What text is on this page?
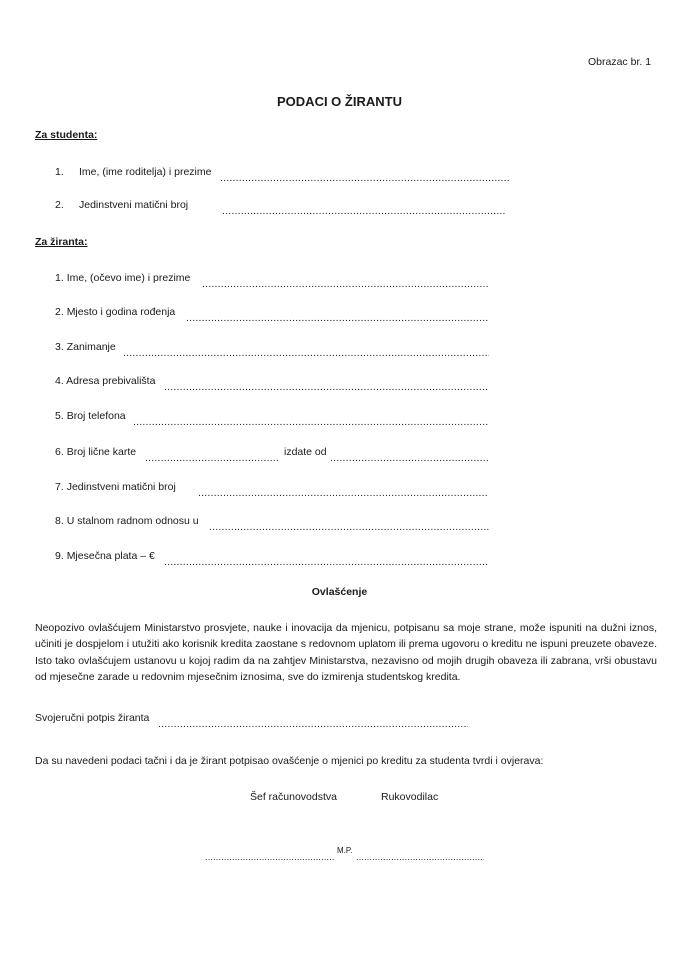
Obrazac br. 1
PODACI O ŽIRANTU
Za studenta:
1. Ime, (ime roditelja) i prezime
.....
2. Jedinstveni matični broj
.....
Za žiranta:
1. Ime, (očevo ime) i prezime
.....
2. Mjesto i godina rođenja
.....
3. Zanimanje
.....
4. Adresa prebivališta
.....
5. Broj telefona
.....
6. Broj lične karte
.....	izdate od
.....
7. Jedinstveni matični broj
.....
8. U stalnom radnom odnosu u
.....
9. Mjesečna plata – €
.....
Ovlašćenje
Neopozivo ovlašćujem Ministarstvo prosvjete, nauke i inovacija da mjenicu, potpisanu sa moje strane, može ispuniti na dužni iznos, učiniti je dospjelom i utužiti ako korisnik kredita zaostane s redovnom uplatom ili prema ugovoru o kreditu ne ispuni preuzete obaveze. Isto tako ovlašćujem ustanovu u kojoj radim da na zahtjev Ministarstva, nezavisno od mojih drugih obaveza ili zabrana, vrši obustavu od mjesečne zarade u redovnim mjesečnim iznosima, sve do izmirenja studentskog kredita.
Svojeručni potpis žiranta
.....
Da su navedeni podaci tačni i da je žirant potpisao ovašćenje o mjenici po kreditu za studenta tvrdi i ovjerava:
Šef računovodstva	Rukovodilac
.....
M.P.
.....
